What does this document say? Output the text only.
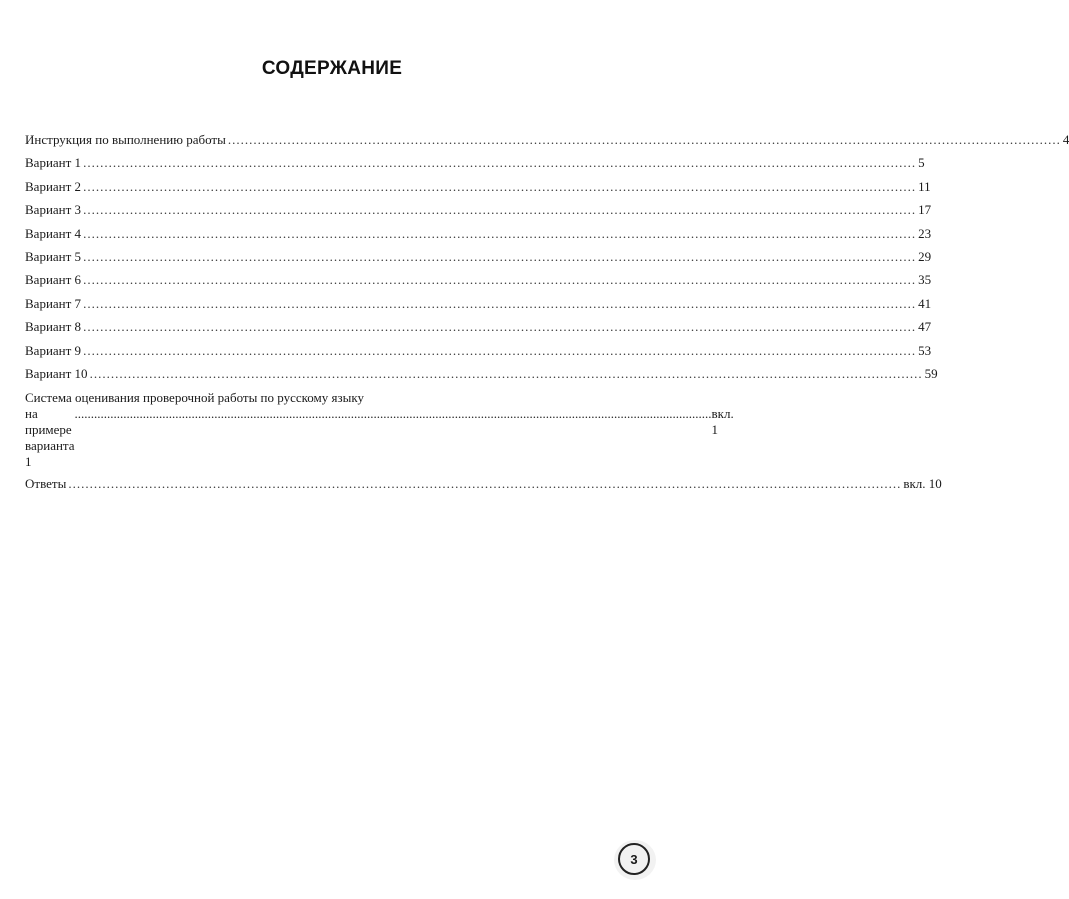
СОДЕРЖАНИЕ
Инструкция по выполнению работы .................................................................................................................................................................................................... 4
Вариант 1 .................................................................................................................................................................................................... 5
Вариант 2 .................................................................................................................................................................................................... 11
Вариант 3 .................................................................................................................................................................................................... 17
Вариант 4 .................................................................................................................................................................................................... 23
Вариант 5 .................................................................................................................................................................................................... 29
Вариант 6 .................................................................................................................................................................................................... 35
Вариант 7 .................................................................................................................................................................................................... 41
Вариант 8 .................................................................................................................................................................................................... 47
Вариант 9 .................................................................................................................................................................................................... 53
Вариант 10 .................................................................................................................................................................................................... 59
Система оценивания проверочной работы по русскому языку
на примере варианта 1
.................................................................................................................................................................................................... вкл. 1
Ответы .................................................................................................................................................................................................... вкл. 10
3
